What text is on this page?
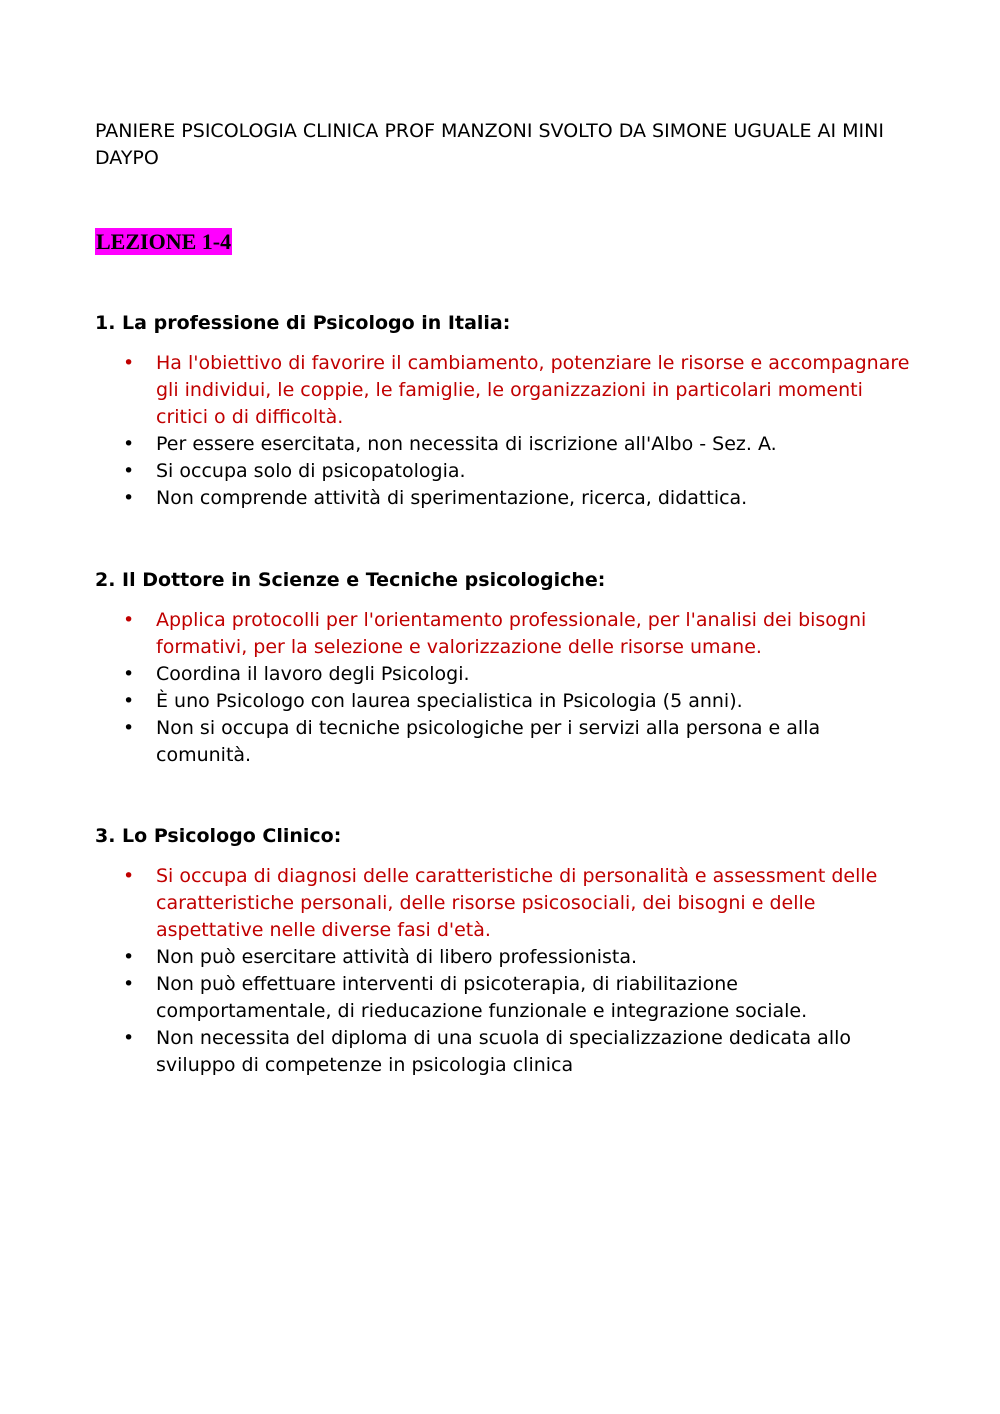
PANIERE PSICOLOGIA CLINICA PROF MANZONI SVOLTO DA SIMONE UGUALE AI MINI DAYPO
LEZIONE 1-4

1. La professione di Psicologo in Italia:

• Ha l'obiettivo di favorire il cambiamento, potenziare le risorse e accompagnare gli individui, le coppie, le famiglie, le organizzazioni in particolari momenti critici o di difficoltà.
• Per essere esercitata, non necessita di iscrizione all'Albo - Sez. A.
• Si occupa solo di psicopatologia.
• Non comprende attività di sperimentazione, ricerca, didattica.

2. Il Dottore in Scienze e Tecniche psicologiche:

• Applica protocolli per l'orientamento professionale, per l'analisi dei bisogni formativi, per la selezione e valorizzazione delle risorse umane.
• Coordina il lavoro degli Psicologi.
• È uno Psicologo con laurea specialistica in Psicologia (5 anni).
• Non si occupa di tecniche psicologiche per i servizi alla persona e alla comunità.

3. Lo Psicologo Clinico:

• Si occupa di diagnosi delle caratteristiche di personalità e assessment delle caratteristiche personali, delle risorse psicosociali, dei bisogni e delle aspettative nelle diverse fasi d'età.
• Non può esercitare attività di libero professionista.
• Non può effettuare interventi di psicoterapia, di riabilitazione comportamentale, di rieducazione funzionale e integrazione sociale.
• Non necessita del diploma di una scuola di specializzazione dedicata allo sviluppo di competenze in psicologia clinica
